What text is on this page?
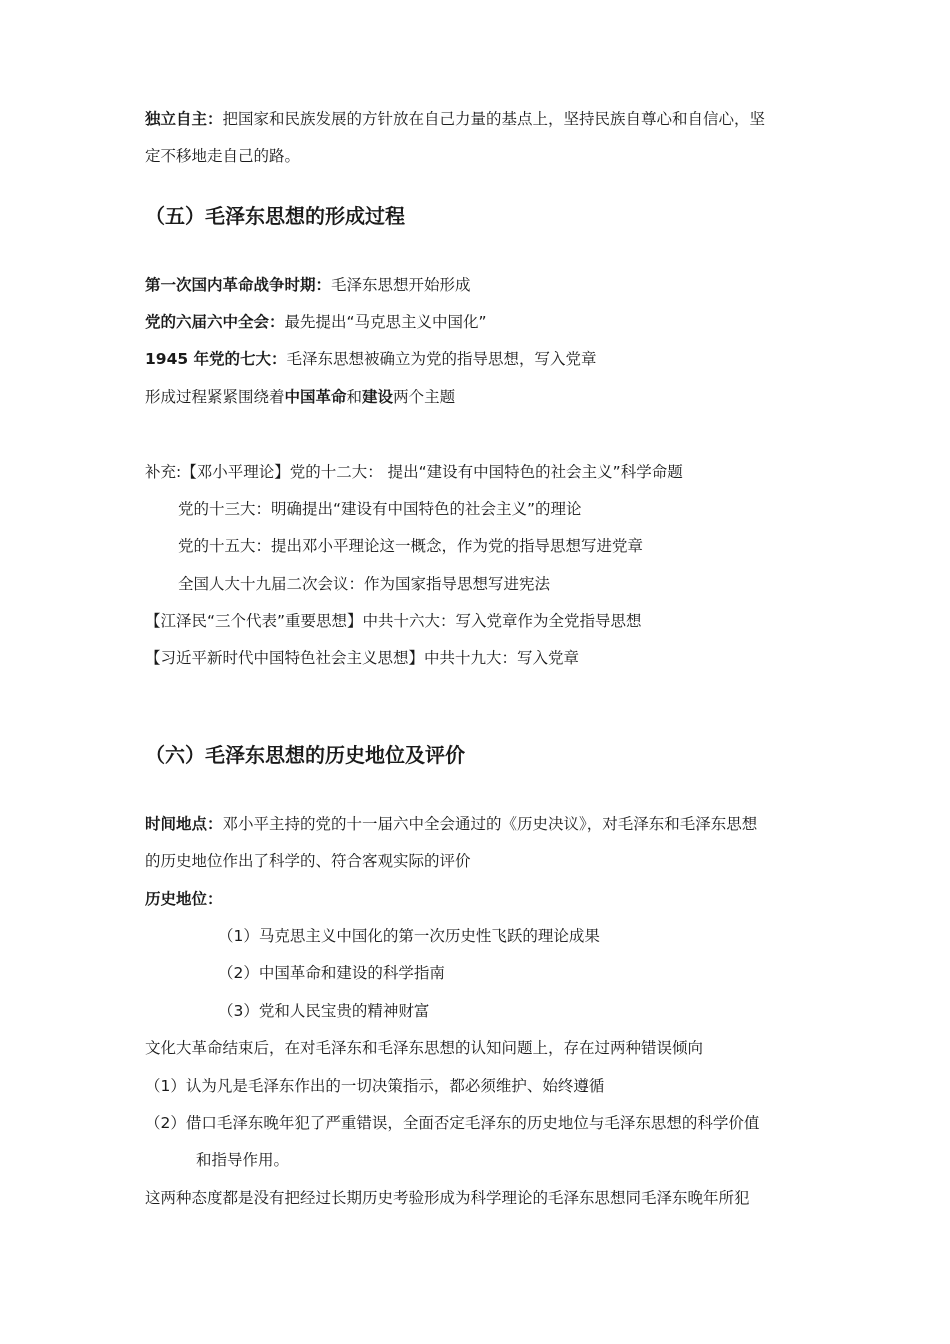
独立自主：把国家和民族发展的方针放在自己力量的基点上，坚持民族自尊心和自信心，坚
定不移地走自己的路。
（五）毛泽东思想的形成过程
第一次国内革命战争时期：毛泽东思想开始形成
党的六届六中全会：最先提出“马克思主义中国化”
1945 年党的七大：毛泽东思想被确立为党的指导思想，写入党章
形成过程紧紧围绕着中国革命和建设两个主题
补充:【邓小平理论】党的十二大： 提出“建设有中国特色的社会主义”科学命题
党的十三大：明确提出“建设有中国特色的社会主义”的理论
党的十五大：提出邓小平理论这一概念，作为党的指导思想写进党章
全国人大十九届二次会议：作为国家指导思想写进宪法
【江泽民“三个代表”重要思想】中共十六大：写入党章作为全党指导思想
【习近平新时代中国特色社会主义思想】中共十九大：写入党章
（六）毛泽东思想的历史地位及评价
时间地点：邓小平主持的党的十一届六中全会通过的《历史决议》，对毛泽东和毛泽东思想
的历史地位作出了科学的、符合客观实际的评价
历史地位：
（1）马克思主义中国化的第一次历史性飞跃的理论成果
（2）中国革命和建设的科学指南
（3）党和人民宝贵的精神财富
文化大革命结束后，在对毛泽东和毛泽东思想的认知问题上，存在过两种错误倾向
（1）认为凡是毛泽东作出的一切决策指示，都必须维护、始终遵循
（2）借口毛泽东晚年犯了严重错误，全面否定毛泽东的历史地位与毛泽东思想的科学价值
和指导作用。
这两种态度都是没有把经过长期历史考验形成为科学理论的毛泽东思想同毛泽东晚年所犯
